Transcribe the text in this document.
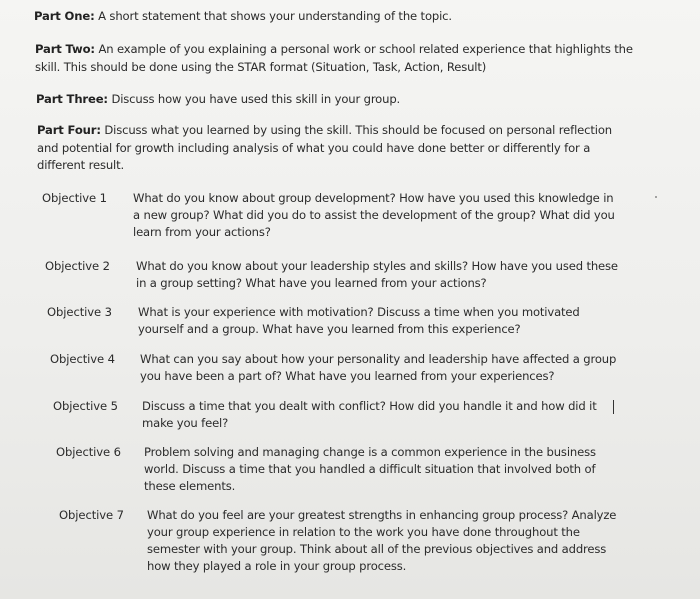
Part One: A short statement that shows your understanding of the topic.
Part Two: An example of you explaining a personal work or school related experience that highlights the skill. This should be done using the STAR format (Situation, Task, Action, Result)
Part Three: Discuss how you have used this skill in your group.
Part Four: Discuss what you learned by using the skill. This should be focused on personal reflection and potential for growth including analysis of what you could have done better or differently for a different result.
Objective 1 What do you know about group development? How have you used this knowledge in a new group? What did you do to assist the development of the group? What did you learn from your actions?
Objective 2 What do you know about your leadership styles and skills? How have you used these in a group setting? What have you learned from your actions?
Objective 3 What is your experience with motivation? Discuss a time when you motivated yourself and a group. What have you learned from this experience?
Objective 4 What can you say about how your personality and leadership have affected a group you have been a part of? What have you learned from your experiences?
Objective 5 Discuss a time that you dealt with conflict? How did you handle it and how did it make you feel?
Objective 6 Problem solving and managing change is a common experience in the business world. Discuss a time that you handled a difficult situation that involved both of these elements.
Objective 7 What do you feel are your greatest strengths in enhancing group process? Analyze your group experience in relation to the work you have done throughout the semester with your group. Think about all of the previous objectives and address how they played a role in your group process.
